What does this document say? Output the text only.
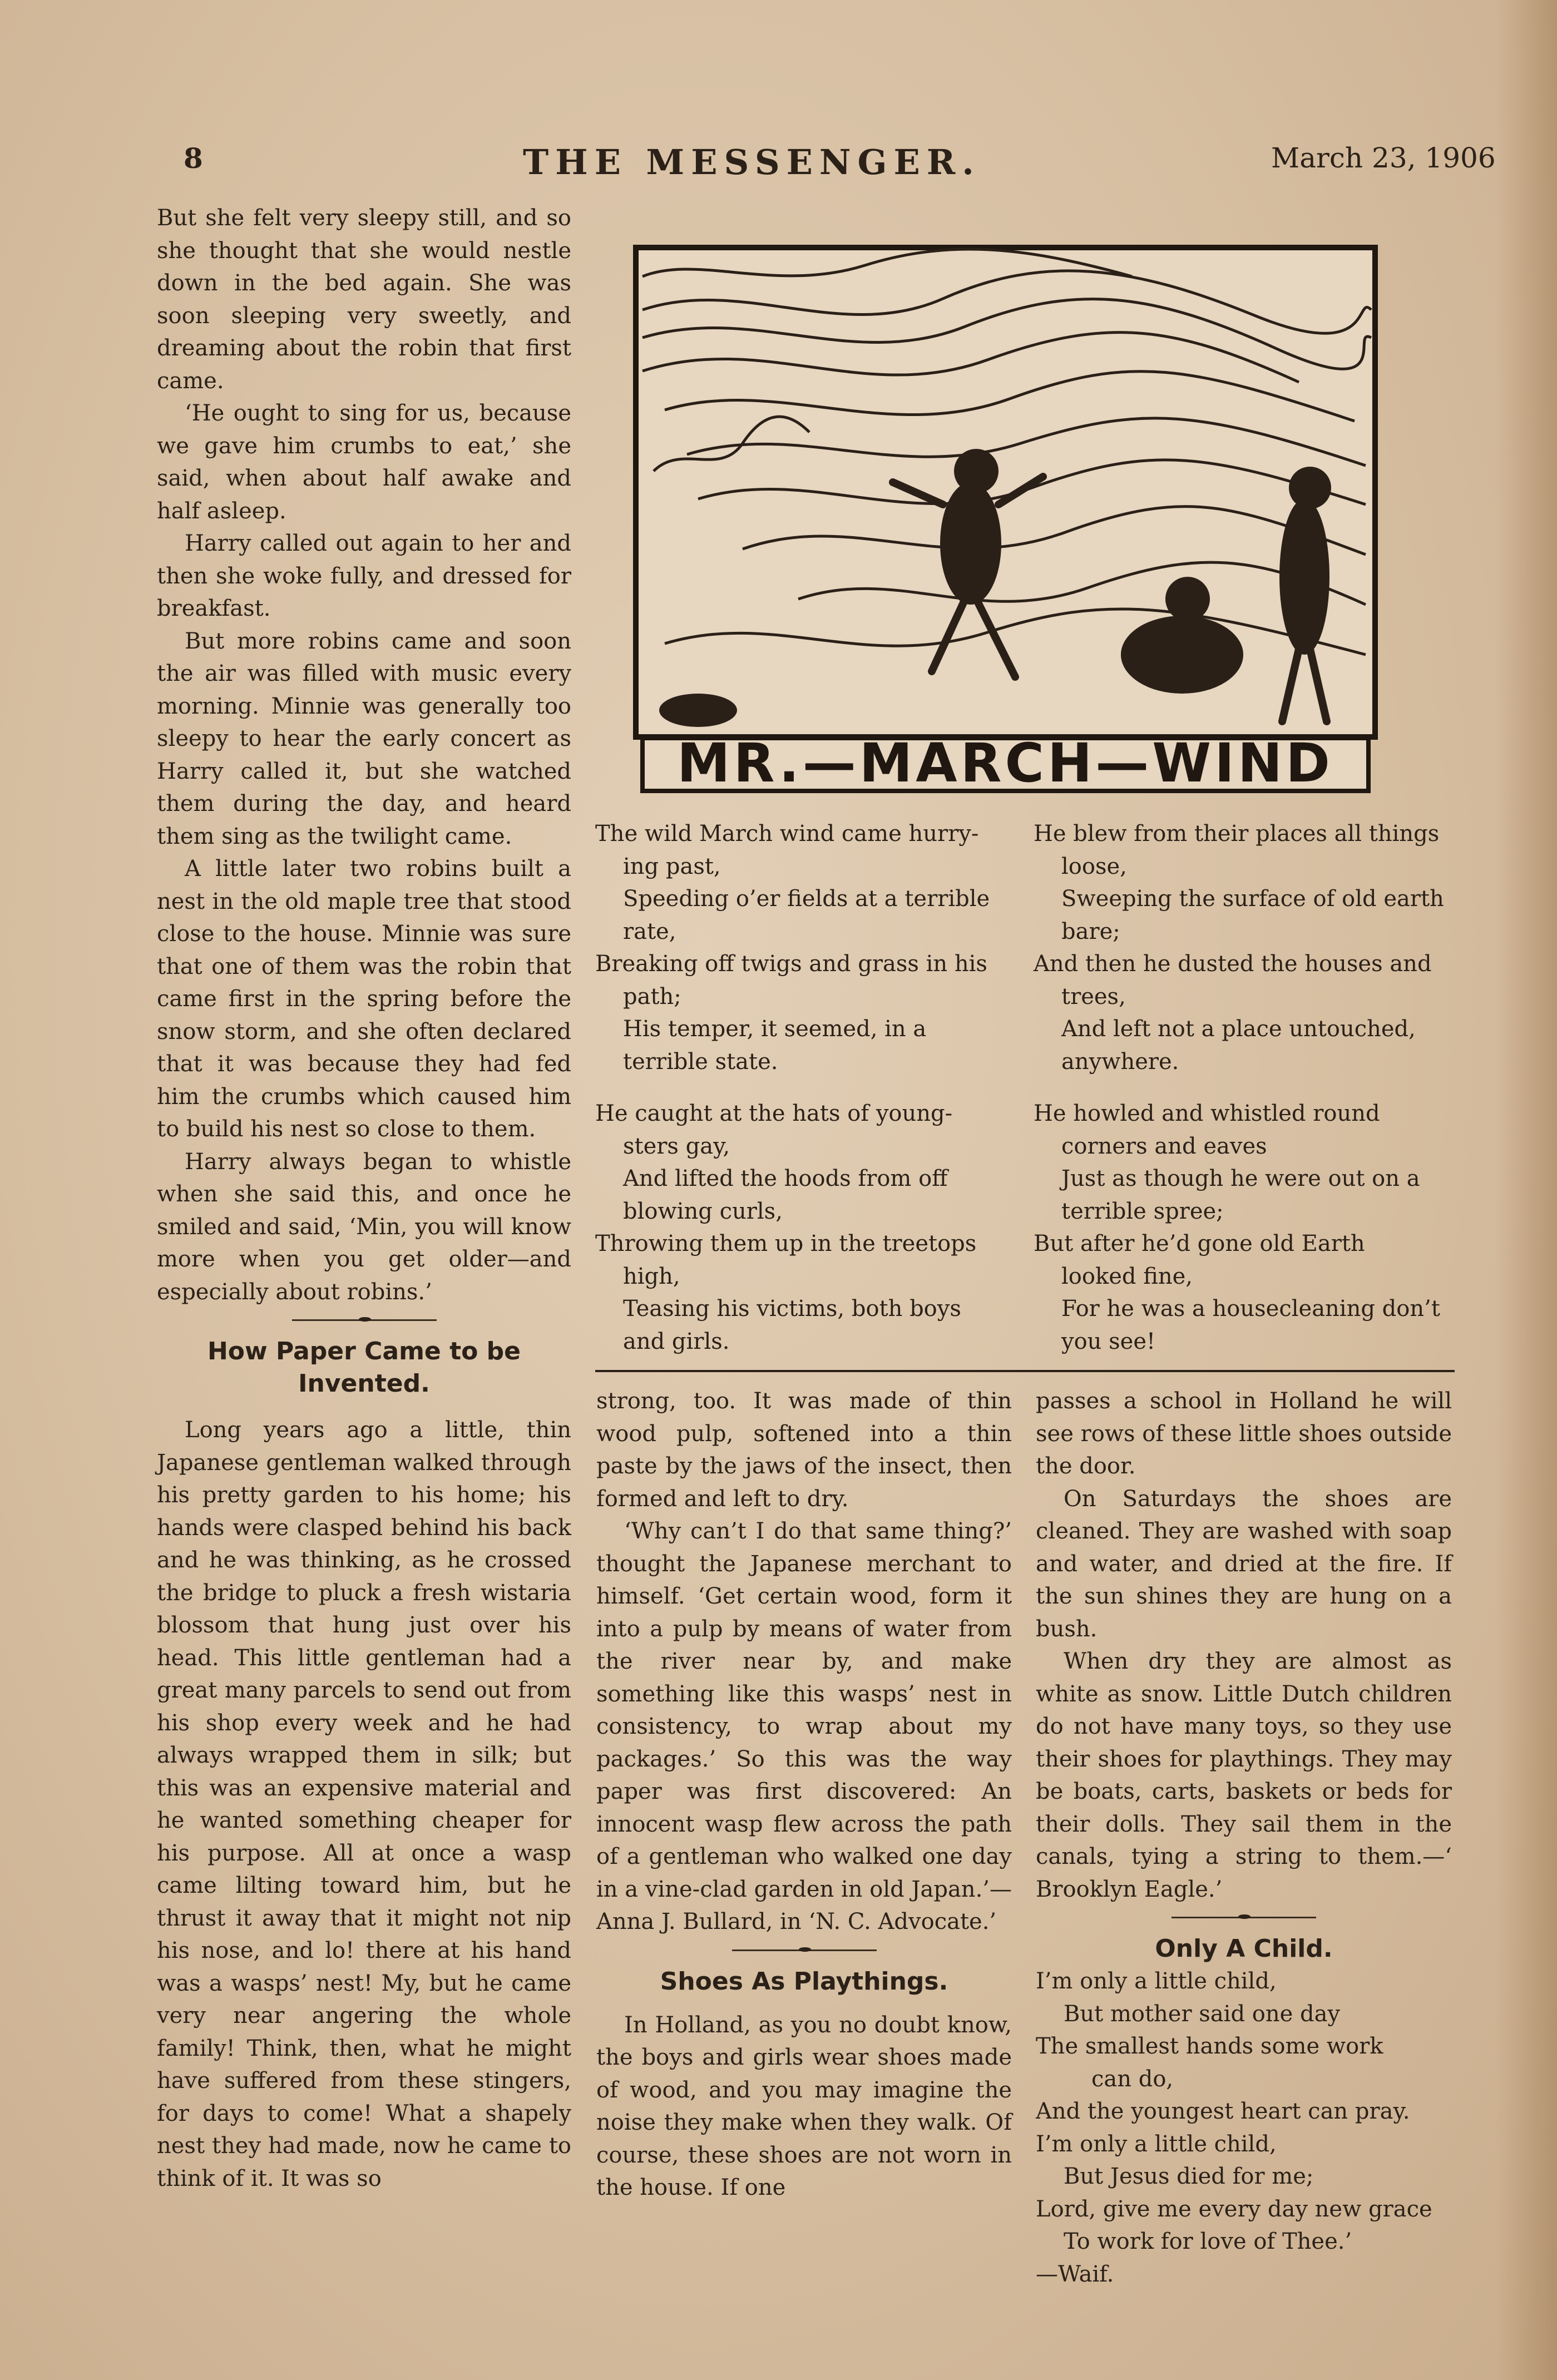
8	THE MESSENGER.	March 23, 1906

But she felt very sleepy still, and so she thought that she would nestle down in the bed again. She was soon sleeping very sweetly, and dreaming about the robin that first came.

‘He ought to sing for us, because we gave him crumbs to eat,’ she said, when about half awake and half asleep.

Harry called out again to her and then she woke fully, and dressed for breakfast.

But more robins came and soon the air was filled with music every morning. Minnie was generally too sleepy to hear the early concert as Harry called it, but she watched them during the day, and heard them sing as the twilight came.

A little later two robins built a nest in the old maple tree that stood close to the house. Minnie was sure that one of them was the robin that came first in the spring before the snow storm, and she often declared that it was because they had fed him the crumbs which caused him to build his nest so close to them.

Harry always began to whistle when she said this, and once he smiled and said, ‘Min, you will know more when you get older—and especially about robins.’

How Paper Came to be Invented.

Long years ago a little, thin Japanese gentleman walked through his pretty garden to his home; his hands were clasped behind his back and he was thinking, as he crossed the bridge to pluck a fresh wistaria blossom that hung just over his head. This little gentleman had a great many parcels to send out from his shop every week and he had always wrapped them in silk; but this was an expensive material and he wanted something cheaper for his purpose. All at once a wasp came lilting toward him, but he thrust it away that it might not nip his nose, and lo! there at his hand was a wasps’ nest! My, but he came very near angering the whole family! Think, then, what he might have suffered from these stingers, for days to come! What a shapely nest they had made, now he came to think of it. It was so

MR.—MARCH—WIND

The wild March wind came hurry-

ing past,

Speeding o’er fields at a terrible

rate,

Breaking off twigs and grass in his

path;

His temper, it seemed, in a

terrible state.

He caught at the hats of young-

sters gay,

And lifted the hoods from off

blowing curls,

Throwing them up in the treetops

high,

Teasing his victims, both boys

and girls.

He blew from their places all things

loose,

Sweeping the surface of old earth

bare;

And then he dusted the houses and

trees,

And left not a place untouched,

anywhere.

He howled and whistled round

corners and eaves

Just as though he were out on a

terrible spree;

But after he’d gone old Earth

looked fine,

For he was a housecleaning don’t

you see!

strong, too. It was made of thin wood pulp, softened into a thin paste by the jaws of the insect, then formed and left to dry.

‘Why can’t I do that same thing?’ thought the Japanese merchant to himself. ‘Get certain wood, form it into a pulp by means of water from the river near by, and make something like this wasps’ nest in consistency, to wrap about my packages.’ So this was the way paper was first discovered: An innocent wasp flew across the path of a gentleman who walked one day in a vine-clad garden in old Japan.’—Anna J. Bullard, in ‘N. C. Advocate.’

Shoes As Playthings.

In Holland, as you no doubt know, the boys and girls wear shoes made of wood, and you may imagine the noise they make when they walk. Of course, these shoes are not worn in the house. If one

passes a school in Holland he will see rows of these little shoes outside the door.

On Saturdays the shoes are cleaned. They are washed with soap and water, and dried at the fire. If the sun shines they are hung on a bush.

When dry they are almost as white as snow. Little Dutch children do not have many toys, so they use their shoes for playthings. They may be boats, carts, baskets or beds for their dolls. They sail them in the canals, tying a string to them.—‘ Brooklyn Eagle.’

Only A Child.

I’m only a little child,

But mother said one day

The smallest hands some work

can do,

And the youngest heart can pray.

I’m only a little child,

But Jesus died for me;

Lord, give me every day new grace

To work for love of Thee.’

—Waif.
